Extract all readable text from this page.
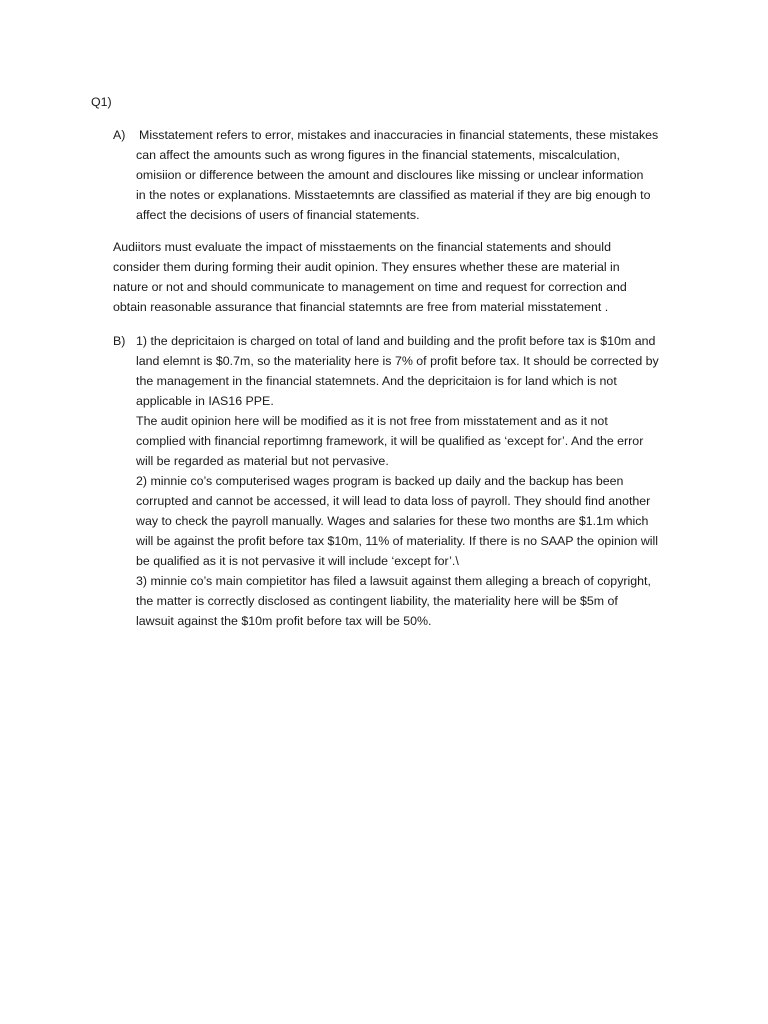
Q1)

A) Misstatement refers to error, mistakes and inaccuracies in financial statements, these mistakes
can affect the amounts such as wrong figures in the financial statements, miscalculation,
omisiion or difference between the amount and discloures like missing or unclear information
in the notes or explanations. Misstaetemnts are classified as material if they are big enough to
affect the decisions of users of financial statements.
Audiitors must evaluate the impact of misstaements on the financial statements and should
consider them during forming their audit opinion. They ensures whether these are material in
nature or not and should communicate to management on time and request for correction and
obtain reasonable assurance that financial statemnts are free from material misstatement .
B) 1) the depricitaion is charged on total of land and building and the profit before tax is $10m and
land elemnt is $0.7m, so the materiality here is 7% of profit before tax. It should be corrected by
the management in the financial statemnets. And the depricitaion is for land which is not
applicable in IAS16 PPE.
The audit opinion here will be modified as it is not free from misstatement and as it not
complied with financial reportimng framework, it will be qualified as ‘except for’. And the error
will be regarded as material but not pervasive.
2) minnie co’s computerised wages program is backed up daily and the backup has been
corrupted and cannot be accessed, it will lead to data loss of payroll. They should find another
way to check the payroll manually. Wages and salaries for these two months are $1.1m which
will be against the profit before tax $10m, 11% of materiality. If there is no SAAP the opinion will
be qualified as it is not pervasive it will include ‘except for’.\
3) minnie co’s main compietitor has filed a lawsuit against them alleging a breach of copyright,
the matter is correctly disclosed as contingent liability, the materiality here will be $5m of
lawsuit against the $10m profit before tax will be 50%.
